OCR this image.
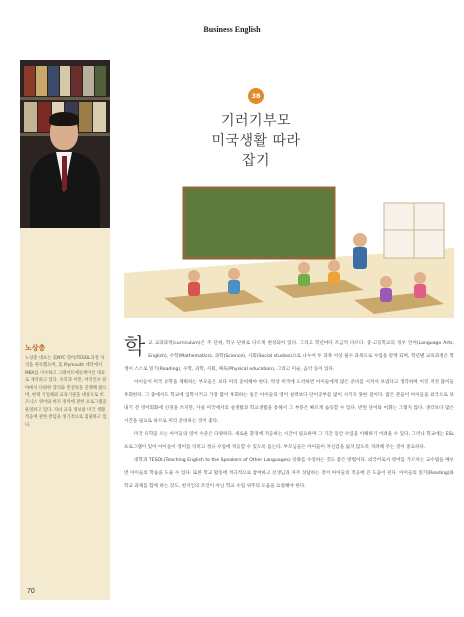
Business English
노상충
노상충 대표는 美NYC 영어/TESOL과정 자격을 취득했으며, 美 Plymouth 대학에서 MBA를 이수하고 그레이트에듀케이션 대표로 재직하고 있다. 유학과 이민, 어학연수 분야에서 다양한 강의와 컨설팅을 진행해 왔으며, 현재 기업체와 교육기관을 대상으로 비즈니스 영어와 현지 정착에 관한 프로그램을 운영하고 있다. 자녀 교육 정보와 미국 생활 적응에 관한 칼럼을 정기적으로 집필하고 있다.
38
기러기부모
미국생활 따라잡기

학교 교과과정(curriculum)은 주 단위, 학구 단위로 다르게 편성되어 있다. 그리고 학년마다 조금씩 다르다. 중·고등학교의 경우 언어(Language Arts, English), 수학(Mathematics), 과학(Science), 사회(Social studies)으로 나누어 두 과목 이상 필수 과목으로 수업을 받게 되며, 학년별 교육과정은 학생이 스스로 읽기(Reading), 수학, 과학, 사회, 체육(Physical education), 그리고 미술, 음악 등이 있다.

아이들이 미국 유학을 계획하는 부모들은 보다 미리 준비해야 한다. 막상 미국에 도착하면 아이들에게 많은 준비를 시켜서 보냈다고 생각하며 이것 저것 많이들 후회한다. 그 중에서도 학교에 입학시키고 가장 많이 후회하는 일은 아이들의 영어 실력보다 단어공부를 많이 시키지 못한 점이다. 많은 분들이 아이들을 외국으로 보내기 전 영어회화에 신경을 쓰지만, 사실 미국에서의 실생활과 학교생활을 통해서 그 부분은 빠르게 습득할 수 있다. 반면 단어와 어휘는 그렇지 않다. 생각보다 많은 시간을 필요로 하므로 미리 준비하는 것이 좋다.

미국 유학을 오는 아이들의 영어 수준은 다양하다. 새로운 환경에 적응하는 시간이 필요하며 그 기간 동안 수업을 이해하기 어려울 수 있다. 그러나 학교에는 ESL 프로그램이 있어 아이들이 영어를 익히고 정규 수업에 적응할 수 있도록 돕는다. 부모님들은 아이들이 자신감을 잃지 않도록 격려해 주는 것이 중요하다.

대학과 TESOL(Teaching English to the Speakers of Other Languages) 강좌를 수강하는 것도 좋은 방법이다. 외국어로서 영어를 가르치는 교수법을 배우면 아이들의 학습을 도울 수 있다. 또한 학교 활동에 적극적으로 참여하고 선생님과 자주 상담하는 것이 아이들의 적응에 큰 도움이 된다. 아이들의 읽기(Reading)와 학교 과제를 함께 하는 것도, 현지인의 조언이 아닌 학교 수업 위주의 도움을 요청해야 한다.

70
